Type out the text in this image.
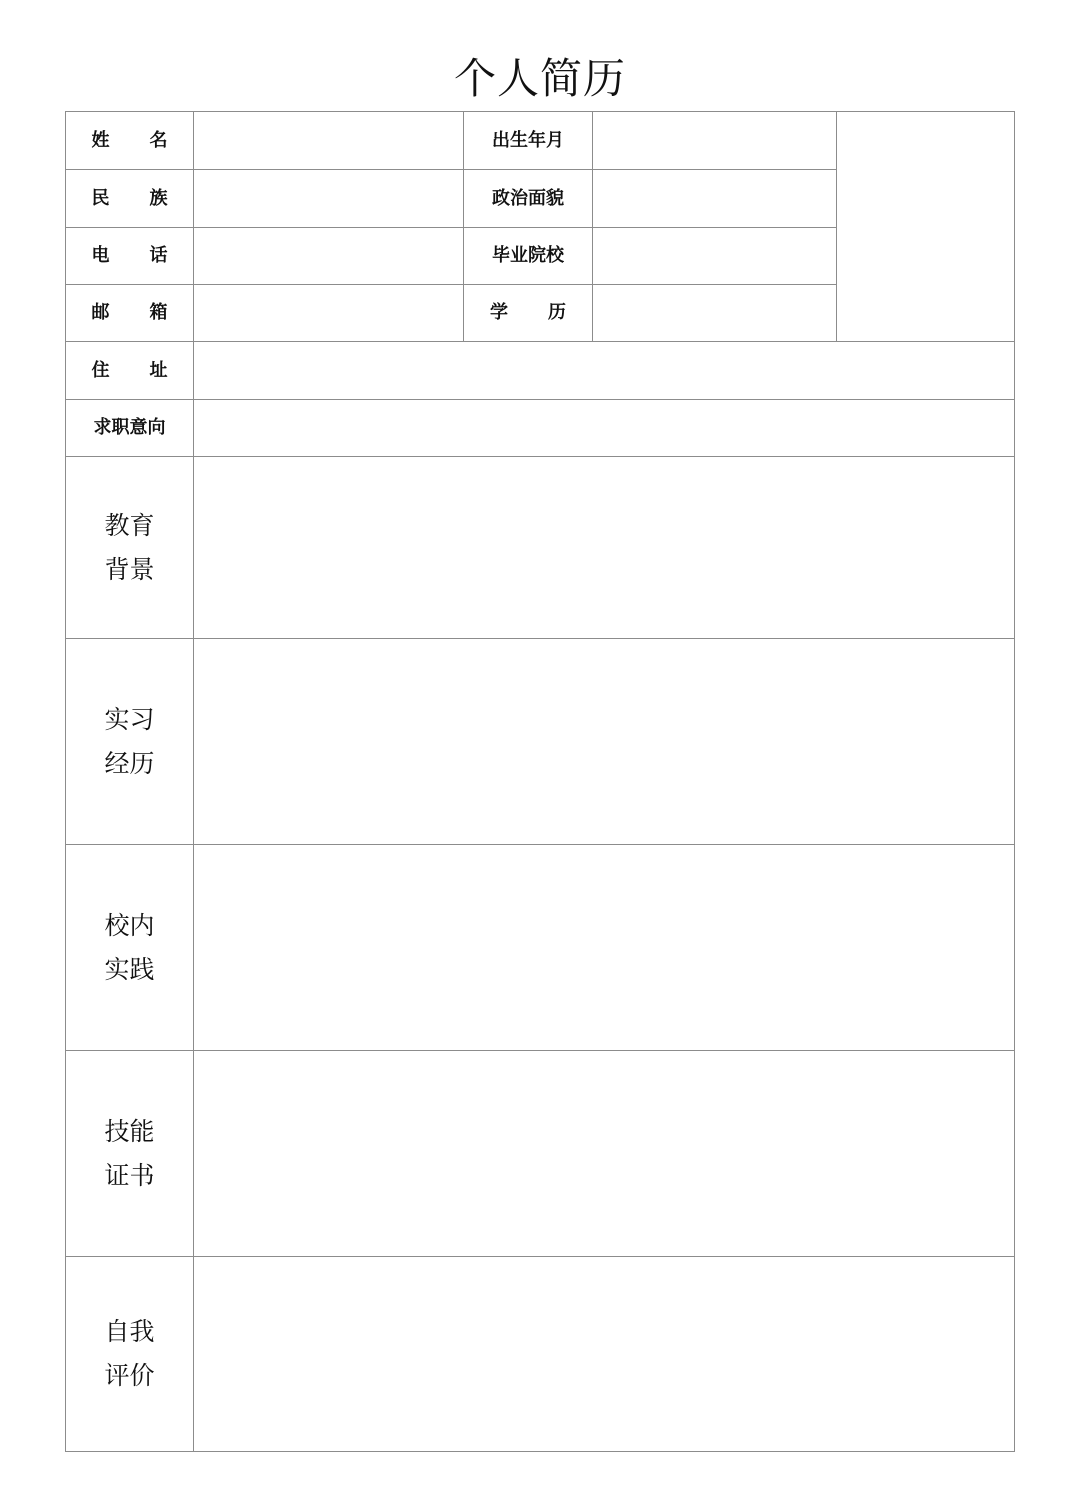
个人简历
姓 名	出生年月
民 族	政治面貌
电 话	毕业院校
邮 箱	学 历
住 址
求职意向
教育
背景
实习
经历
校内
实践
技能
证书
自我
评价
